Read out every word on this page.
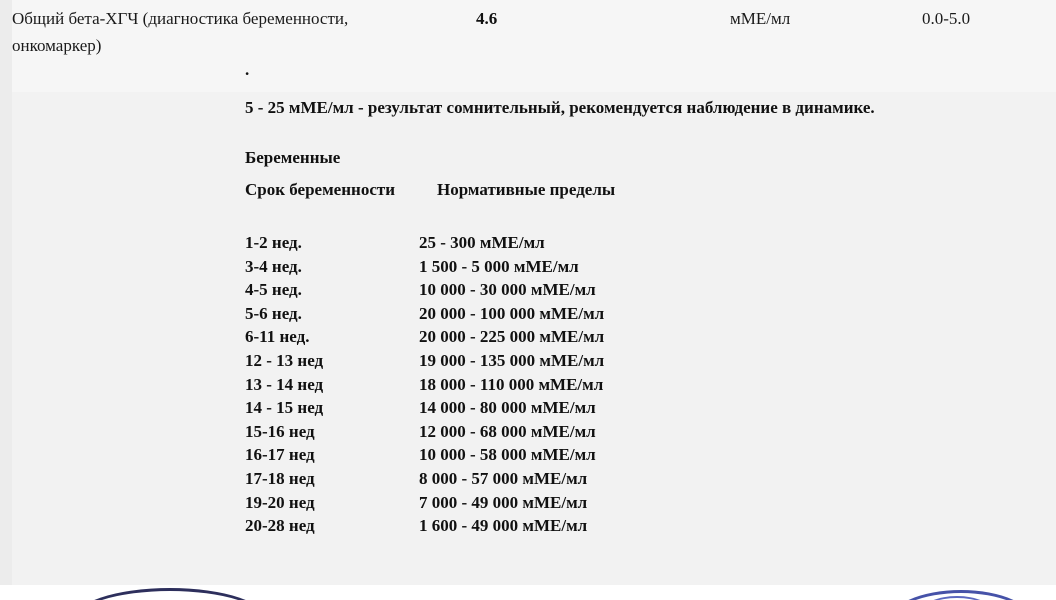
Общий бета-ХГЧ (диагностика беременности, онкомаркер)
4.6	мМЕ/мл	0.0-5.0
.
5 - 25 мМЕ/мл - результат сомнительный, рекомендуется наблюдение в динамике.
Беременные
Срок беременности Нормативные пределы
1-2 нед.	25 - 300 мМЕ/мл
3-4 нед.	1 500 - 5 000 мМЕ/мл
4-5 нед.	10 000 - 30 000 мМЕ/мл
5-6 нед.	20 000 - 100 000 мМЕ/мл
6-11 нед.	20 000 - 225 000 мМЕ/мл
12 - 13 нед	19 000 - 135 000 мМЕ/мл
13 - 14 нед	18 000 - 110 000 мМЕ/мл
14 - 15 нед	14 000 - 80 000 мМЕ/мл
15-16 нед	12 000 - 68 000 мМЕ/мл
16-17 нед	10 000 - 58 000 мМЕ/мл
17-18 нед	8 000 - 57 000 мМЕ/мл
19-20 нед	7 000 - 49 000 мМЕ/мл
20-28 нед	1 600 - 49 000 мМЕ/мл
